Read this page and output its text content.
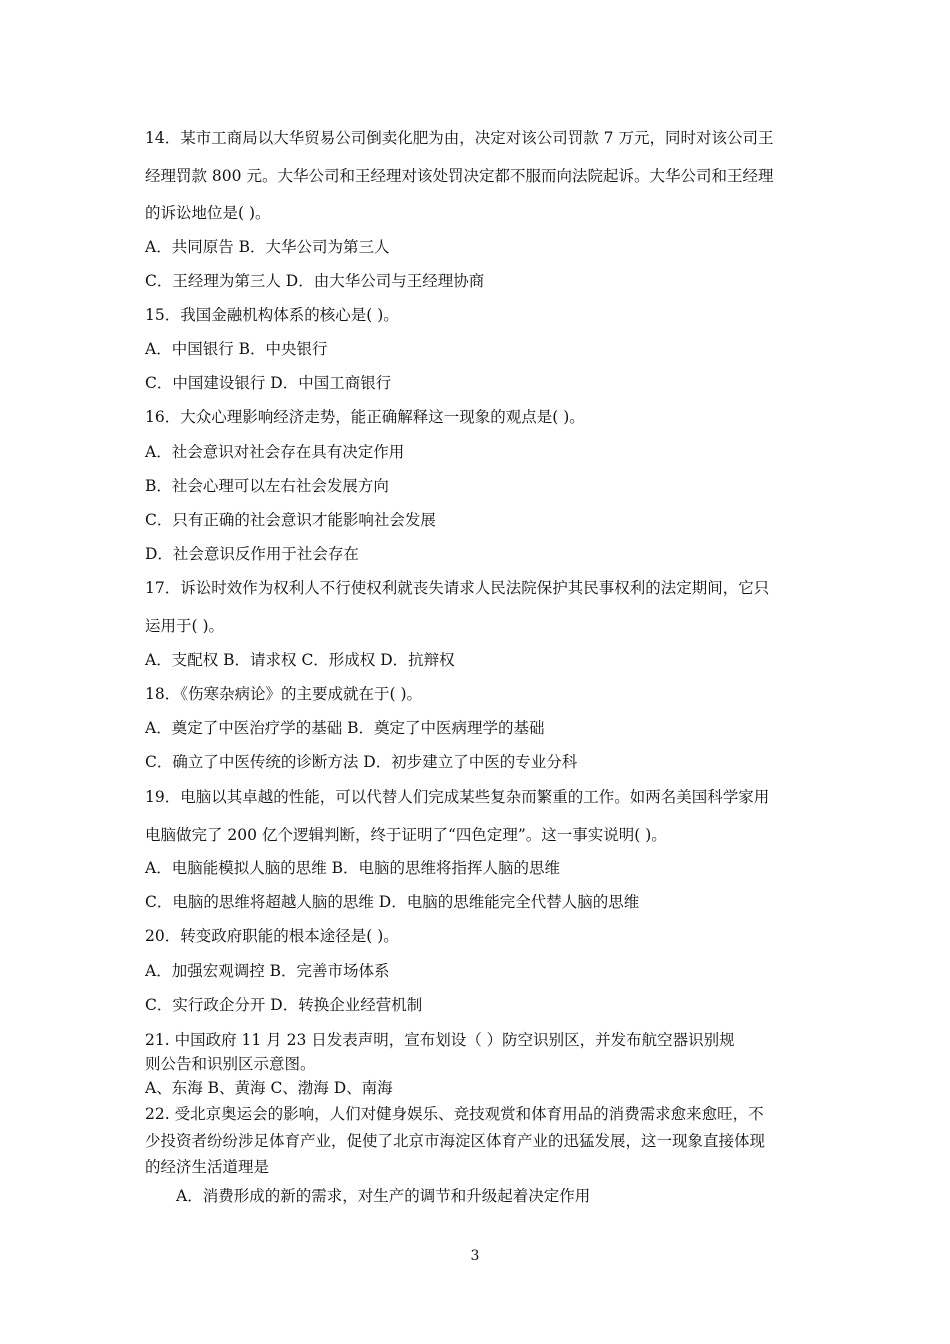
14．某市工商局以大华贸易公司倒卖化肥为由，决定对该公司罚款 7 万元，同时对该公司王
经理罚款 800 元。大华公司和王经理对该处罚决定都不服而向法院起诉。大华公司和王经理
的诉讼地位是( )。
A．共同原告 B．大华公司为第三人
C．王经理为第三人 D．由大华公司与王经理协商
15．我国金融机构体系的核心是( )。
A．中国银行 B．中央银行
C．中国建设银行 D．中国工商银行
16．大众心理影响经济走势，能正确解释这一现象的观点是( )。
A．社会意识对社会存在具有决定作用
B．社会心理可以左右社会发展方向
C．只有正确的社会意识才能影响社会发展
D．社会意识反作用于社会存在
17．诉讼时效作为权利人不行使权利就丧失请求人民法院保护其民事权利的法定期间，它只
运用于( )。
A．支配权 B．请求权 C．形成权 D．抗辩权
18．《伤寒杂病论》的主要成就在于( )。
A．奠定了中医治疗学的基础 B．奠定了中医病理学的基础
C．确立了中医传统的诊断方法 D．初步建立了中医的专业分科
19．电脑以其卓越的性能，可以代替人们完成某些复杂而繁重的工作。如两名美国科学家用
电脑做完了 200 亿个逻辑判断，终于证明了“四色定理”。这一事实说明( )。
A．电脑能模拟人脑的思维 B．电脑的思维将指挥人脑的思维
C．电脑的思维将超越人脑的思维 D．电脑的思维能完全代替人脑的思维
20．转变政府职能的根本途径是( )。
A．加强宏观调控 B．完善市场体系
C．实行政企分开 D．转换企业经营机制
21. 中国政府 11 月 23 日发表声明，宣布划设（ ）防空识别区，并发布航空器识别规
则公告和识别区示意图。
A、东海 B、黄海 C、渤海 D、南海
22. 受北京奥运会的影响，人们对健身娱乐、竞技观赏和体育用品的消费需求愈来愈旺，不
少投资者纷纷涉足体育产业，促使了北京市海淀区体育产业的迅猛发展，这一现象直接体现
的经济生活道理是
A．消费形成的新的需求，对生产的调节和升级起着决定作用
3
